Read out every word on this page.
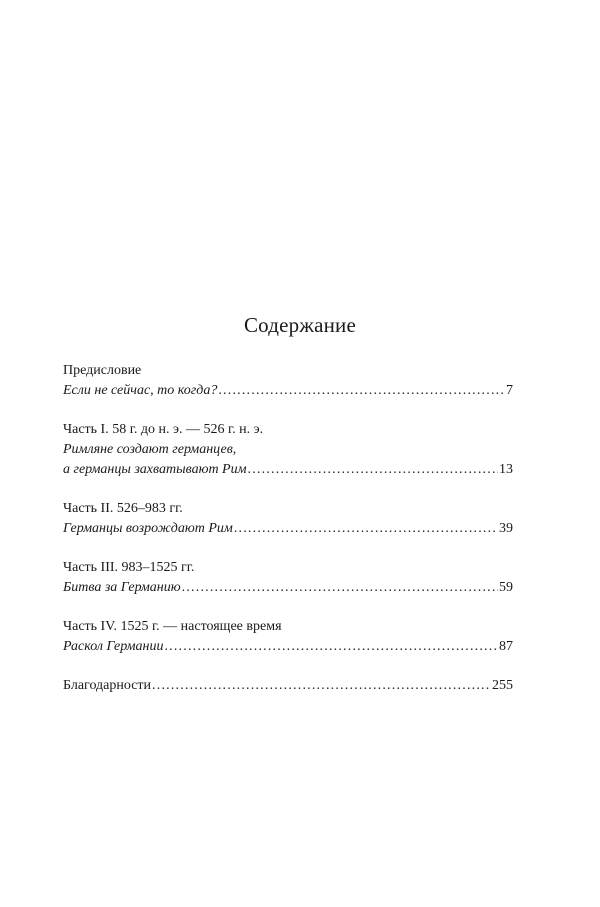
Содержание
Предисловие
Если не сейчас, то когда? .....	7
Часть I. 58 г. до н. э. — 526 г. н. э.
Римляне создают германцев,
а германцы захватывают Рим .....	13
Часть II. 526–983 гг.
Германцы возрождают Рим .....	39
Часть III. 983–1525 гг.
Битва за Германию .....	59
Часть IV. 1525 г. — настоящее время
Раскол Германии .....	87
Благодарности .....	255
